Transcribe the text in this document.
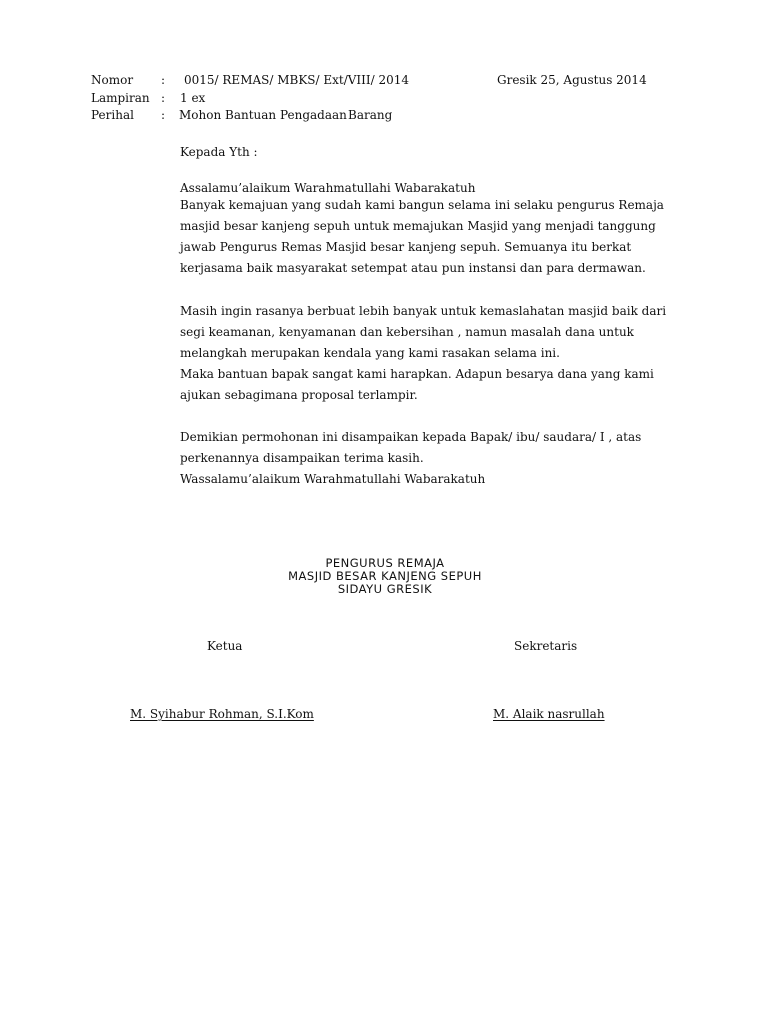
Nomor : 0015/ REMAS/ MBKS/ Ext/VIII/ 2014	Gresik 25, Agustus 2014
Lampiran : 1 ex
Perihal : Mohon Bantuan Pengadaan Barang
Kepada Yth :
Assalamu’alaikum Warahmatullahi Wabarakatuh
Banyak kemajuan yang sudah kami bangun selama ini selaku pengurus Remaja
masjid besar kanjeng sepuh untuk memajukan Masjid yang menjadi tanggung
jawab Pengurus Remas Masjid besar kanjeng sepuh. Semuanya itu berkat
kerjasama baik masyarakat setempat atau pun instansi dan para dermawan.
Masih ingin rasanya berbuat lebih banyak untuk kemaslahatan masjid baik dari
segi keamanan, kenyamanan dan kebersihan , namun masalah dana untuk
melangkah merupakan kendala yang kami rasakan selama ini.
Maka bantuan bapak sangat kami harapkan. Adapun besarya dana yang kami
ajukan sebagimana proposal terlampir.
Demikian permohonan ini disampaikan kepada Bapak/ ibu/ saudara/ I , atas
perkenannya disampaikan terima kasih.
Wassalamu’alaikum Warahmatullahi Wabarakatuh
PENGURUS REMAJA
MASJID BESAR KANJENG SEPUH
SIDAYU GRESIK
Ketua	Sekretaris
M. Syihabur Rohman, S.I.Kom	M. Alaik nasrullah
